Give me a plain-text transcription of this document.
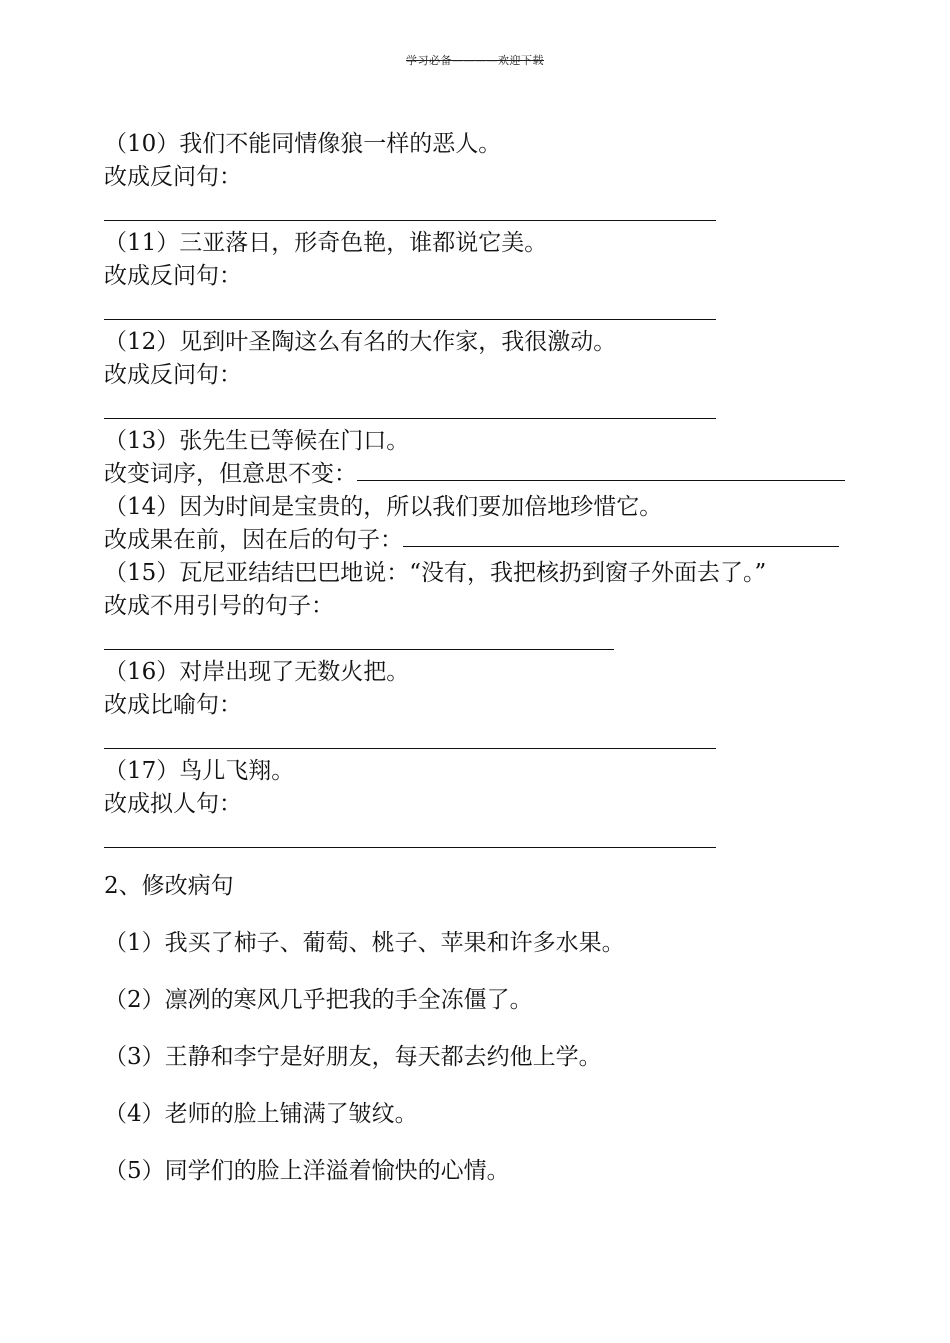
学习必备————欢迎下载
（10）我们不能同情像狼一样的恶人。
改成反问句：
（11）三亚落日，形奇色艳，谁都说它美。
改成反问句：
（12）见到叶圣陶这么有名的大作家，我很激动。
改成反问句：
（13）张先生已等候在门口。
改变词序，但意思不变：
（14）因为时间是宝贵的，所以我们要加倍地珍惜它。
改成果在前，因在后的句子：
（15）瓦尼亚结结巴巴地说：“没有，我把核扔到窗子外面去了。”
改成不用引号的句子：
（16）对岸出现了无数火把。
改成比喻句：
（17）鸟儿飞翔。
改成拟人句：
2、修改病句
（1）我买了柿子、葡萄、桃子、苹果和许多水果。
（2）凛冽的寒风几乎把我的手全冻僵了。
（3）王静和李宁是好朋友，每天都去约他上学。
（4）老师的脸上铺满了皱纹。
（5）同学们的脸上洋溢着愉快的心情。
